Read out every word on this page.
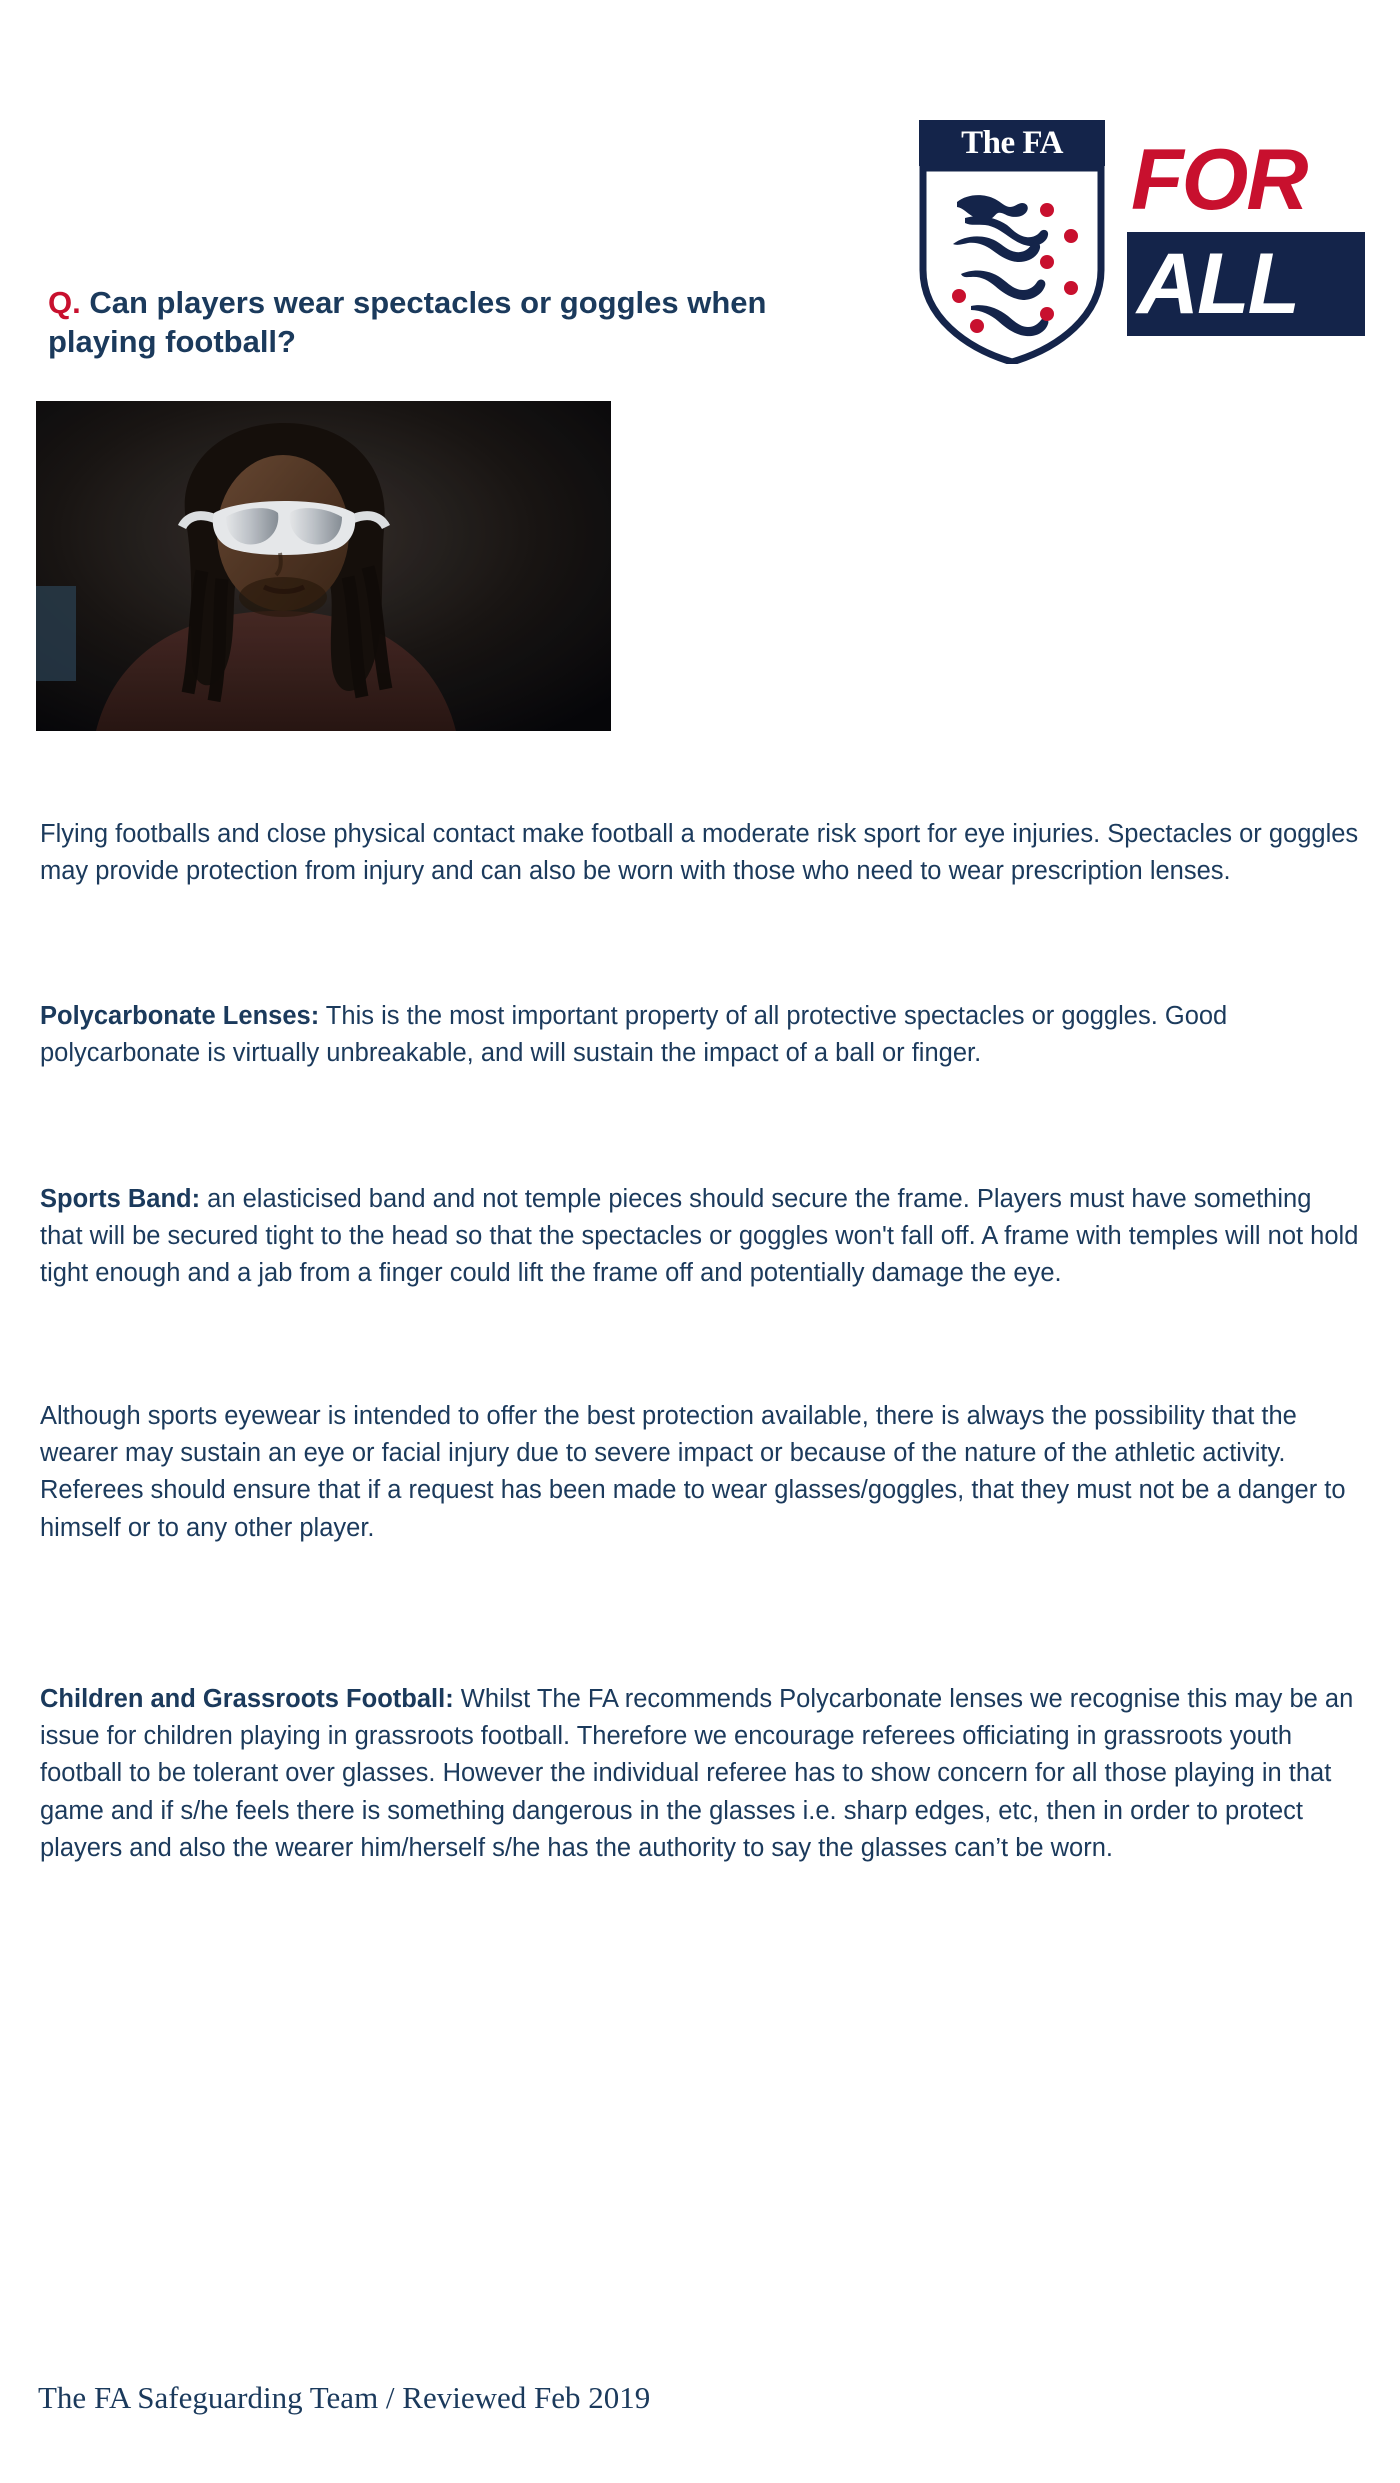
The FA FOR
ALL
Q. Can players wear spectacles or goggles when playing football?

Flying footballs and close physical contact make football a moderate risk sport for eye injuries. Spectacles or goggles may provide protection from injury and can also be worn with those who need to wear prescription lenses.

Polycarbonate Lenses: This is the most important property of all protective spectacles or goggles. Good polycarbonate is virtually unbreakable, and will sustain the impact of a ball or finger.

Sports Band: an elasticised band and not temple pieces should secure the frame. Players must have something that will be secured tight to the head so that the spectacles or goggles won't fall off. A frame with temples will not hold tight enough and a jab from a finger could lift the frame off and potentially damage the eye.

Although sports eyewear is intended to offer the best protection available, there is always the possibility that the wearer may sustain an eye or facial injury due to severe impact or because of the nature of the athletic activity. Referees should ensure that if a request has been made to wear glasses/goggles, that they must not be a danger to himself or to any other player.

Children and Grassroots Football: Whilst The FA recommends Polycarbonate lenses we recognise this may be an issue for children playing in grassroots football. Therefore we encourage referees officiating in grassroots youth football to be tolerant over glasses. However the individual referee has to show concern for all those playing in that game and if s/he feels there is something dangerous in the glasses i.e. sharp edges, etc, then in order to protect players and also the wearer him/herself s/he has the authority to say the glasses can’t be worn.

The FA Safeguarding Team / Reviewed Feb 2019
